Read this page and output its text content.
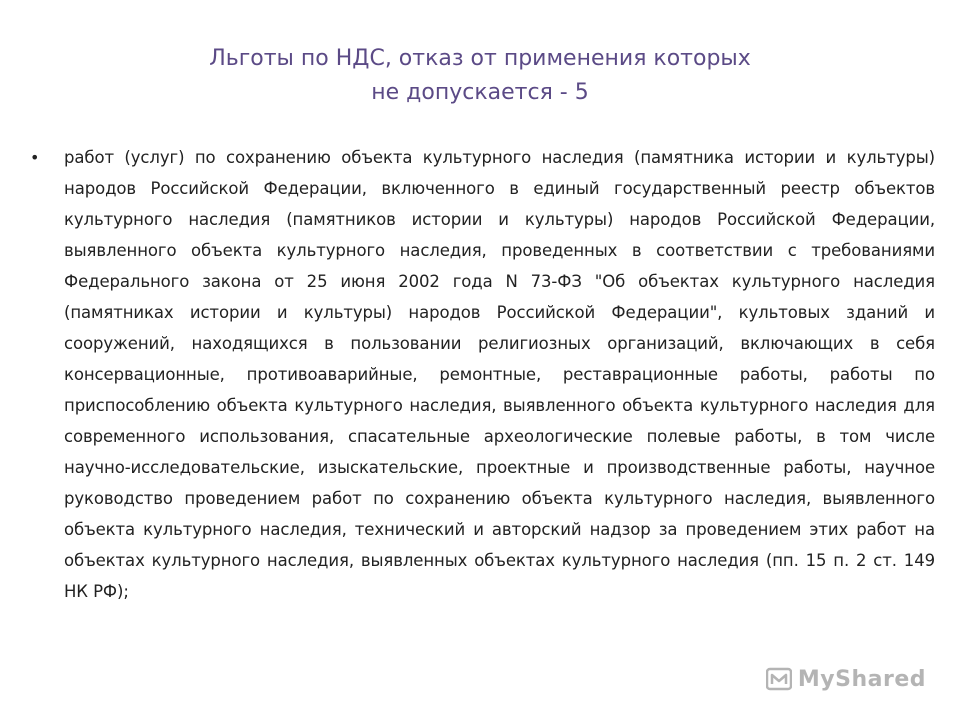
Льготы по НДС, отказ от применения которых
не допускается - 5
• работ (услуг) по сохранению объекта культурного наследия (памятника истории и культуры) народов Российской Федерации, включенного в единый государственный реестр объектов культурного наследия (памятников истории и культуры) народов Российской Федерации, выявленного объекта культурного наследия, проведенных в соответствии с требованиями Федерального закона от 25 июня 2002 года N 73-ФЗ "Об объектах культурного наследия (памятниках истории и культуры) народов Российской Федерации", культовых зданий и сооружений, находящихся в пользовании религиозных организаций, включающих в себя консервационные, противоаварийные, ремонтные, реставрационные работы, работы по приспособлению объекта культурного наследия, выявленного объекта культурного наследия для современного использования, спасательные археологические полевые работы, в том числе научно-исследовательские, изыскательские, проектные и производственные работы, научное руководство проведением работ по сохранению объекта культурного наследия, выявленного объекта культурного наследия, технический и авторский надзор за проведением этих работ на объектах культурного наследия, выявленных объектах культурного наследия (пп. 15 п. 2 ст. 149 НК РФ);

MyShared
